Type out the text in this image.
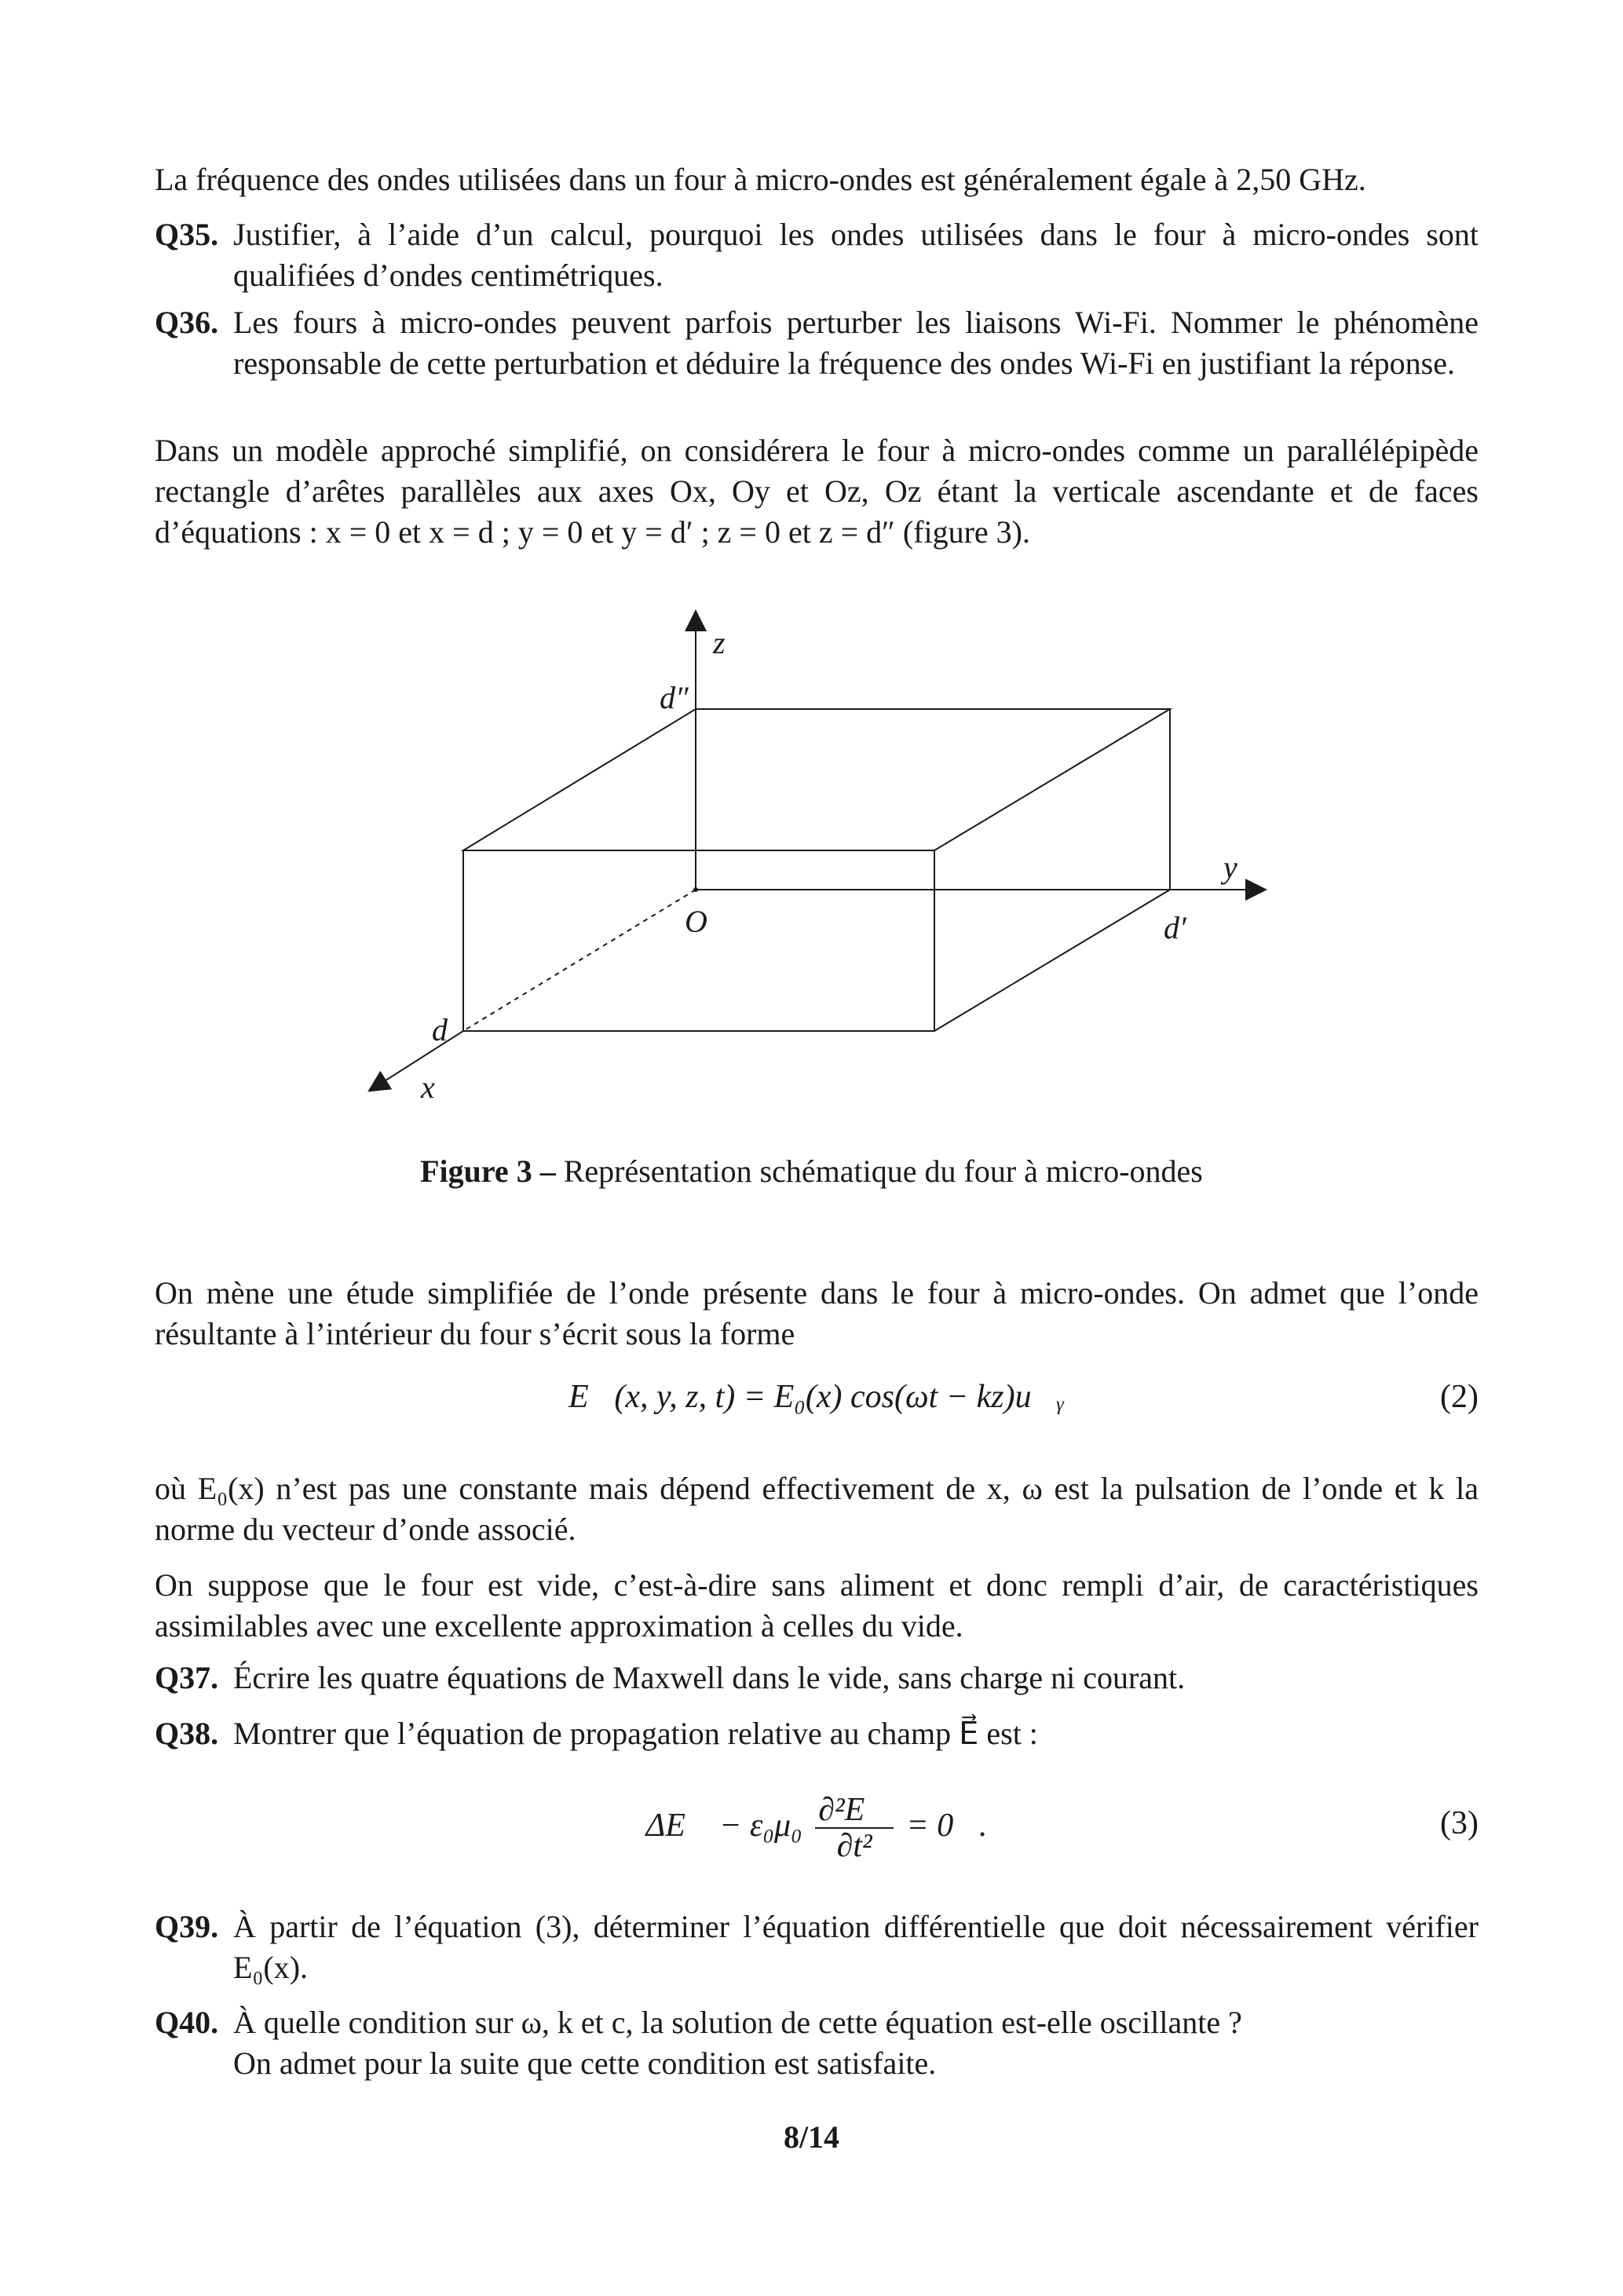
La fréquence des ondes utilisées dans un four à micro-ondes est généralement égale à 2,50 GHz.
Q35. Justifier, à l’aide d’un calcul, pourquoi les ondes utilisées dans le four à micro-ondes sont qualifiées d’ondes centimétriques.
Q36. Les fours à micro-ondes peuvent parfois perturber les liaisons Wi-Fi. Nommer le phénomène responsable de cette perturbation et déduire la fréquence des ondes Wi-Fi en justifiant la réponse.
Dans un modèle approché simplifié, on considérera le four à micro-ondes comme un parallélépipède rectangle d’arêtes parallèles aux axes Ox, Oy et Oz, Oz étant la verticale ascendante et de faces d’équations : x = 0 et x = d ; y = 0 et y = d′ ; z = 0 et z = d″ (figure 3).
z
d″
y
O	d′
d
x
Figure 3 – Représentation schématique du four à micro-ondes
On mène une étude simplifiée de l’onde présente dans le four à micro-ondes. On admet que l’onde résultante à l’intérieur du four s’écrit sous la forme
E⃗(x, y, z, t) = E₀(x) cos(ωt − kz)u⃗ᵧ	(2)
où E₀(x) n’est pas une constante mais dépend effectivement de x, ω est la pulsation de l’onde et k la norme du vecteur d’onde associé.
On suppose que le four est vide, c’est-à-dire sans aliment et donc rempli d’air, de caractéristiques assimilables avec une excellente approximation à celles du vide.
Q37. Écrire les quatre équations de Maxwell dans le vide, sans charge ni courant.
Q38. Montrer que l’équation de propagation relative au champ E⃗ est :
ΔE⃗ − $\varepsilon_0\mu_0 \frac{\text{∂²E⃗}}{\text{∂t²}}$ = 0⃗.	(3)
Q39. À partir de l’équation (3), déterminer l’équation différentielle que doit nécessairement vérifier E₀(x).
Q40. À quelle condition sur ω, k et c, la solution de cette équation est-elle oscillante ?
On admet pour la suite que cette condition est satisfaite.
8/14
